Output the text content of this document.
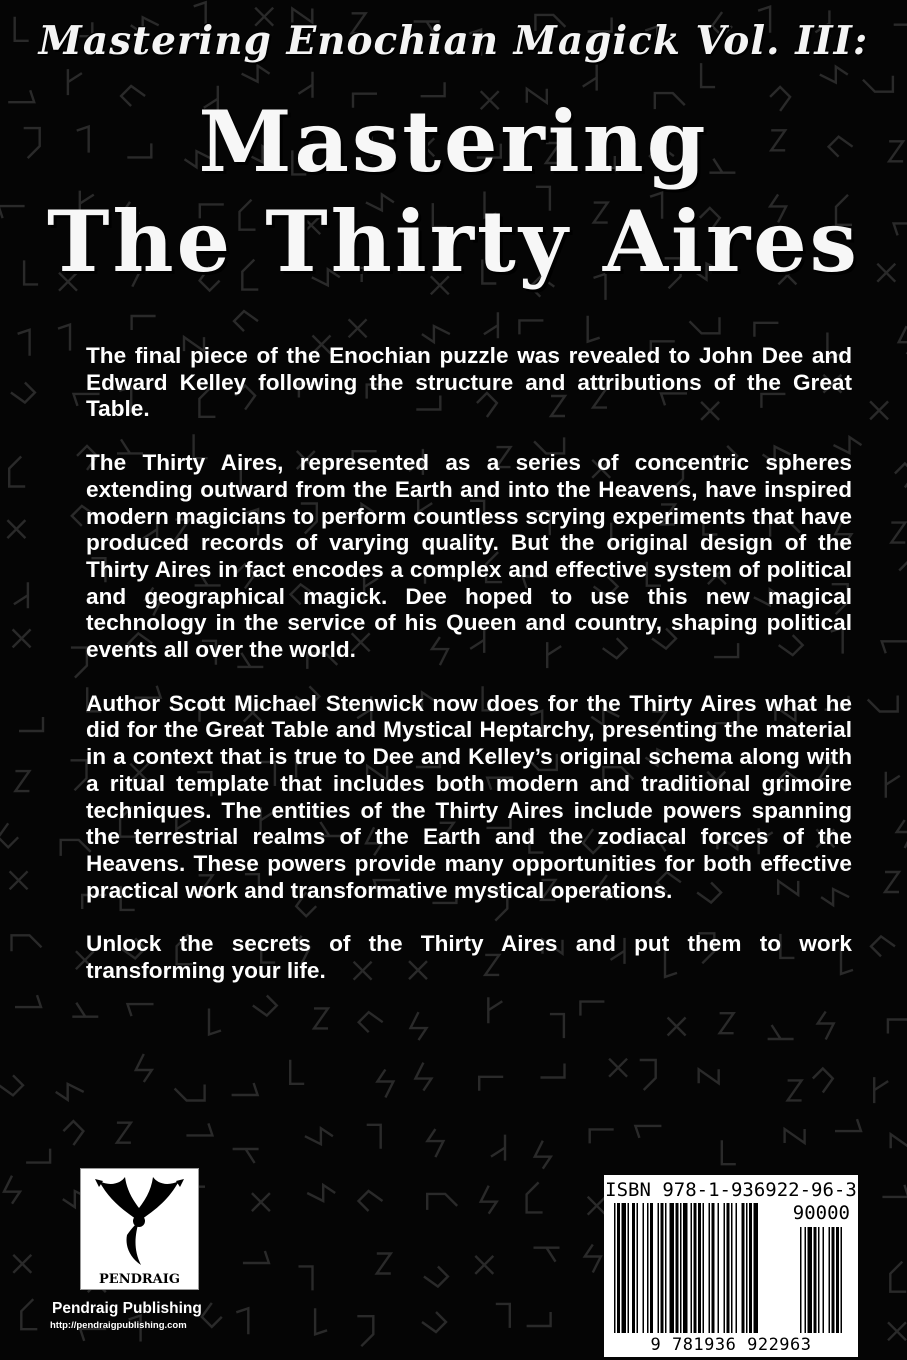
Mastering Enochian Magick Vol. III:
Mastering
The Thirty Aires

The final piece of the Enochian puzzle was revealed to John Dee and Edward Kelley following the structure and attributions of the Great Table.

The Thirty Aires, represented as a series of concentric spheres extending outward from the Earth and into the Heavens, have inspired modern magicians to perform countless scrying experiments that have produced records of varying quality. But the original design of the Thirty Aires in fact encodes a complex and effective system of political and geographical magick. Dee hoped to use this new magical technology in the service of his Queen and country, shaping political events all over the world.

Author Scott Michael Stenwick now does for the Thirty Aires what he did for the Great Table and Mystical Heptarchy, presenting the material in a context that is true to Dee and Kelley’s original schema along with a ritual template that includes both modern and traditional grimoire techniques. The entities of the Thirty Aires include powers spanning the terrestrial realms of the Earth and the zodiacal forces of the Heavens. These powers provide many opportunities for both effective practical work and transformative mystical operations.

Unlock the secrets of the Thirty Aires and put them to work transforming your life.

PENDRAIG
Pendraig Publishing
http://pendraigpublishing.com
ISBN 978-1-936922-96-3
90000
9 781936 922963
